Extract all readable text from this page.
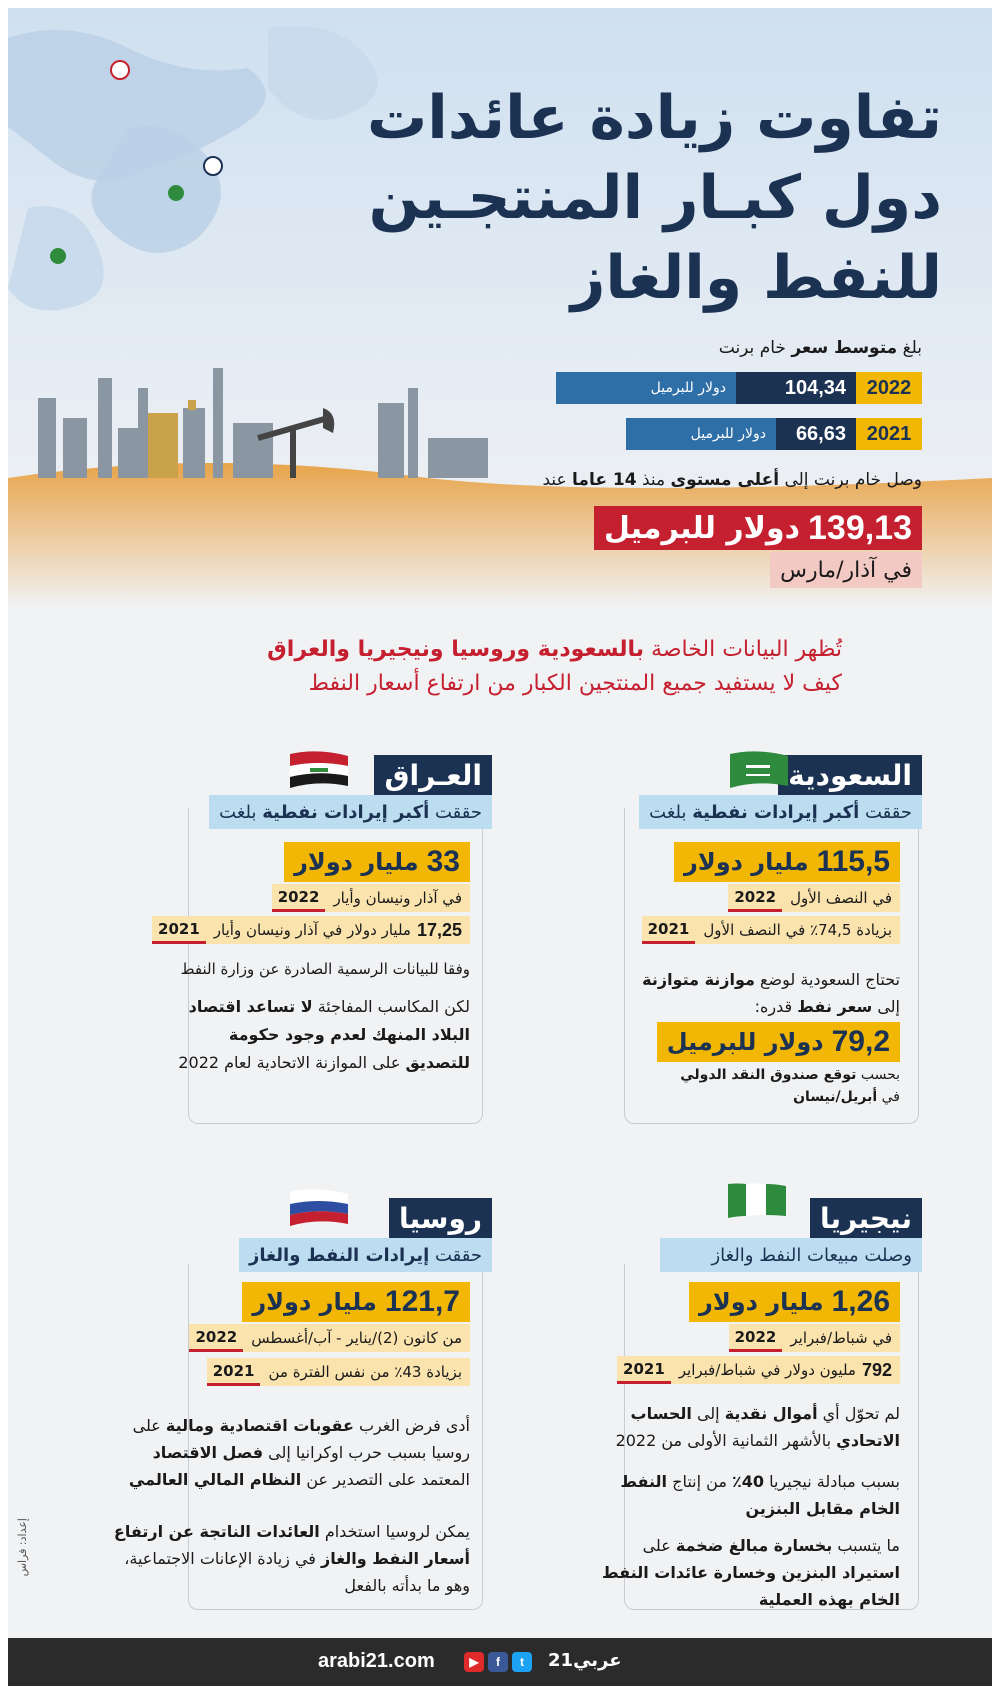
تفاوت زيادة عائدات دول كبـار المنتجـين للنفط والغاز
بلغ متوسط سعر خام برنت
2022
104,34
دولار للبرميل
2021
66,63
دولار للبرميل
وصل خام برنت إلى أعلى مستوى منذ 14 عاما عند
139,13
دولار للبرميل
في آذار/مارس
تُظهر البيانات الخاصة بالسعودية وروسيا ونيجيريا والعراق
كيف لا يستفيد جميع المنتجين الكبار من ارتفاع أسعار النفط
السعودية
حققت

أكبر إيرادات نفطية

بلغت
115,5
مليار دولار
في النصف الأول
2022
بزيادة 74,5٪ في النصف الأول
2021
تحتاج السعودية لوضع موازنة متوازنة
إلى سعر نفط قدره:
79,2
دولار للبرميل
بحسب توقع صندوق النقد الدولي
في أبريل/نيسان
العـراق
حققت

أكبر إيرادات نفطية

بلغت
33
مليار دولار
في آذار ونيسان وأيار
2022
17,25
مليار دولار في آذار ونيسان وأيار
2021
وفقا للبيانات الرسمية الصادرة عن وزارة النفط
لكن المكاسب المفاجئة لا تساعد اقتصاد البلاد المنهك لعدم وجود حكومة للتصديق على الموازنة الاتحادية لعام 2022
نيجيريا
وصلت مبيعات النفط والغاز
1,26
مليار دولار
في شباط/فبراير
2022
792
مليون دولار في شباط/فبراير
2021
لم تحوّل أي أموال نقدية إلى الحساب الاتحادي بالأشهر الثمانية الأولى من 2022
بسبب مبادلة نيجيريا 40٪ من إنتاج النفط الخام مقابل البنزين
ما يتسبب بخسارة مبالغ ضخمة على استيراد البنزين وخسارة عائدات النفط الخام بهذه العملية
روسيا
حققت

إيرادات النفط والغاز
121,7
مليار دولار
من كانون (2)/يناير - آب/أغسطس
2022
بزيادة 43٪ من نفس الفترة من
2021
أدى فرض الغرب عقوبات اقتصادية ومالية على روسيا بسبب حرب اوكرانيا إلى فصل الاقتصاد المعتمد على التصدير عن النظام المالي العالمي
يمكن لروسيا استخدام العائدات الناتجة عن ارتفاع أسعار النفط والغاز في زيادة الإعانات الاجتماعية، وهو ما بدأته بالفعل
إعداد: فراس
arabi21.com	▶	f	t	عربي21
